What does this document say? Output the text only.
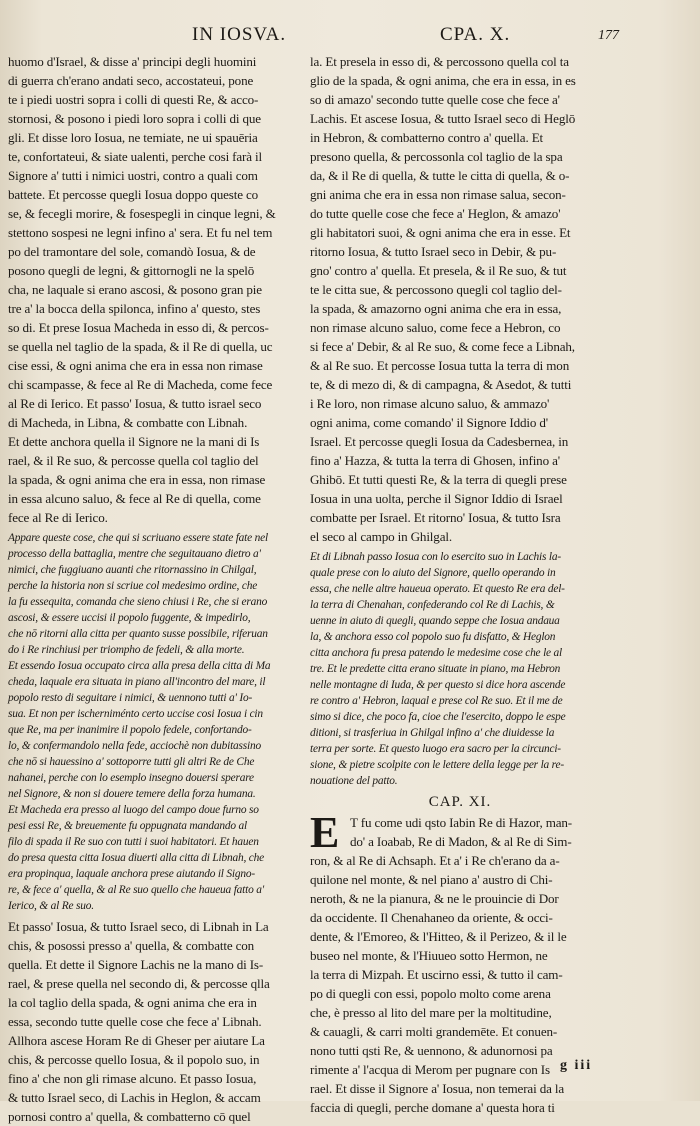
IN IOSVA.	CPA. X.	177
huomo d'Israel, & disse a' principi degli huomini
di guerra ch'erano andati seco, accostateui, pone
te i piedi uostri sopra i colli di questi Re, & acco-
stornosi, & posono i piedi loro sopra i colli di que
gli. Et disse loro Iosua, ne temiate, ne ui spauēria
te, confortateui, & siate ualenti, perche cosi farà il
Signore a' tutti i nimici uostri, contro a quali com
battete. Et percosse quegli Iosua doppo queste co
se, & fecegli morire, & fosespegli in cinque legni, &
stettono sospesi ne legni infino a' sera. Et fu nel tem
po del tramontare del sole, comandò Iosua, & de
posono quegli de legni, & gittornogli ne la spelō
cha, ne laquale si erano ascosi, & posono gran pie
tre a' la bocca della spilonca, infino a' questo, stes
so di. Et prese Iosua Macheda in esso di, & percos-
se quella nel taglio de la spada, & il Re di quella, uc
cise essi, & ogni anima che era in essa non rimase
chi scampasse, & fece al Re di Macheda, come fece
al Re di Ierico. Et passo' Iosua, & tutto israel seco
di Macheda, in Libna, & combatte con Libnah.
Et dette anchora quella il Signore ne la mani di Is
rael, & il Re suo, & percosse quella col taglio del
la spada, & ogni anima che era in essa, non rimase
in essa alcuno saluo, & fece al Re di quella, come
fece al Re di Ierico.
Appare queste cose, che qui si scriuano essere state fate nel
processo della battaglia, mentre che seguitauano dietro a'
nimici, che fuggiuano auanti che ritornassino in Chilgal,
perche la historia non si scriue col medesimo ordine, che
la fu essequita, comanda che sieno chiusi i Re, che si erano
ascosi, & essere uccisi il popolo fuggente, & impedirlo,
che nō ritorni alla citta per quanto susse possibile, riferuan
do i Re rinchiusi per triompho de fedeli, & alla morte.
Et essendo Iosua occupato circa alla presa della citta di Ma
cheda, laquale era situata in piano all'incontro del mare, il
popolo resto di seguitare i nimici, & uennono tutti a' Io-
sua. Et non per ischerniménto certo uccise cosi Iosua i cin
que Re, ma per inanimire il popolo fedele, confortando-
lo, & confermandolo nella fede, acciochè non dubitassino
che nō si hauessino a' sottoporre tutti gli altri Re de Che
nahanei, perche con lo esemplo insegno douersi sperare
nel Signore, & non si douere temere della forza humana.
Et Macheda era presso al luogo del campo doue furno so
pesi essi Re, & breuemente fu oppugnata mandando al
filo di spada il Re suo con tutti i suoi habitatori. Et hauen
do presa questa citta Iosua diuerti alla citta di Libnah, che
era propinqua, laquale anchora prese aiutando il Signo-
re, & fece a' quella, & al Re suo quello che haueua fatto a'
Ierico, & al Re suo.
Et passo' Iosua, & tutto Israel seco, di Libnah in La
chis, & posossi presso a' quella, & combatte con
quella. Et dette il Signore Lachis ne la mano di Is-
rael, & prese quella nel secondo di, & percosse qlla
la col taglio della spada, & ogni anima che era in
essa, secondo tutte quelle cose che fece a' Libnah.
Allhora ascese Horam Re di Gheser per aiutare La
chis, & percosse quello Iosua, & il popolo suo, in
fino a' che non gli rimase alcuno. Et passo Iosua,
& tutto Israel seco, di Lachis in Heglon, & accam
pornosi contro a' quella, & combatterno cō quel
la. Et presela in esso di, & percossono quella col ta
glio de la spada, & ogni anima, che era in essa, in es
so di amazo' secondo tutte quelle cose che fece a'
Lachis. Et ascese Iosua, & tutto Israel seco di Heglō
in Hebron, & combatterno contro a' quella. Et
presono quella, & percossonla col taglio de la spa
da, & il Re di quella, & tutte le citta di quella, & o-
gni anima che era in essa non rimase salua, secon-
do tutte quelle cose che fece a' Heglon, & amazo'
gli habitatori suoi, & ogni anima che era in esse. Et
ritorno Iosua, & tutto Israel seco in Debir, & pu-
gno' contro a' quella. Et presela, & il Re suo, & tut
te le citta sue, & percossono quegli col taglio del-
la spada, & amazorno ogni anima che era in essa,
non rimase alcuno saluo, come fece a Hebron, co
si fece a' Debir, & al Re suo, & come fece a Libnah,
& al Re suo. Et percosse Iosua tutta la terra di mon
te, & di mezo di, & di campagna, & Asedot, & tutti
i Re loro, non rimase alcuno saluo, & ammazo'
ogni anima, come comando' il Signore Iddio d'
Israel. Et percosse quegli Iosua da Cadesbernea, in
fino a' Hazza, & tutta la terra di Ghosen, infino a'
Ghibō. Et tutti questi Re, & la terra di quegli prese
Iosua in una uolta, perche il Signor Iddio di Israel
combatte per Israel. Et ritorno' Iosua, & tutto Isra
el seco al campo in Ghilgal.
Et di Libnah passo Iosua con lo esercito suo in Lachis la-
quale prese con lo aiuto del Signore, quello operando in
essa, che nelle altre haueua operato. Et questo Re era del-
la terra di Chenahan, confederando col Re di Lachis, &
uenne in aiuto di quegli, quando seppe che Iosua andaua
la, & anchora esso col popolo suo fu disfatto, & Heglon
citta anchora fu presa patendo le medesime cose che le al
tre. Et le predette citta erano situate in piano, ma Hebron
nelle montagne di Iuda, & per questo si dice hora ascende
re contro a' Hebron, laqual e prese col Re suo. Et il me de
simo si dice, che poco fa, cioe che l'esercito, doppo le espe
ditioni, si trasferiua in Ghilgal infino a' che diuidesse la
terra per sorte. Et questo luogo era sacro per la circunci-
sione, & pietre scolpite con le lettere della legge per la re-
nouatione del patto.
CAP. XI.
E T fu come udi qsto Iabin Re di Hazor, man-
do' a Ioabab, Re di Madon, & al Re di Sim-
ron, & al Re di Achsaph. Et a' i Re ch'erano da a-
quilone nel monte, & nel piano a' austro di Chi-
neroth, & ne la pianura, & ne le prouincie di Dor
da occidente. Il Chenahaneo da oriente, & occi-
dente, & l'Emoreo, & l'Hitteo, & il Perizeo, & il le
buseo nel monte, & l'Hiuueo sotto Hermon, ne
la terra di Mizpah. Et uscirno essi, & tutto il cam-
po di quegli con essi, popolo molto come arena
che, è presso al lito del mare per la moltitudine,
& cauagli, & carri molti grandemēte. Et conuen-
nono tutti qsti Re, & uennono, & adunornosi pa
rimente a' l'acqua di Merom per pugnare con Is
rael. Et disse il Signore a' Iosua, non temerai da la
faccia di quegli, perche domane a' questa hora ti
g iii
